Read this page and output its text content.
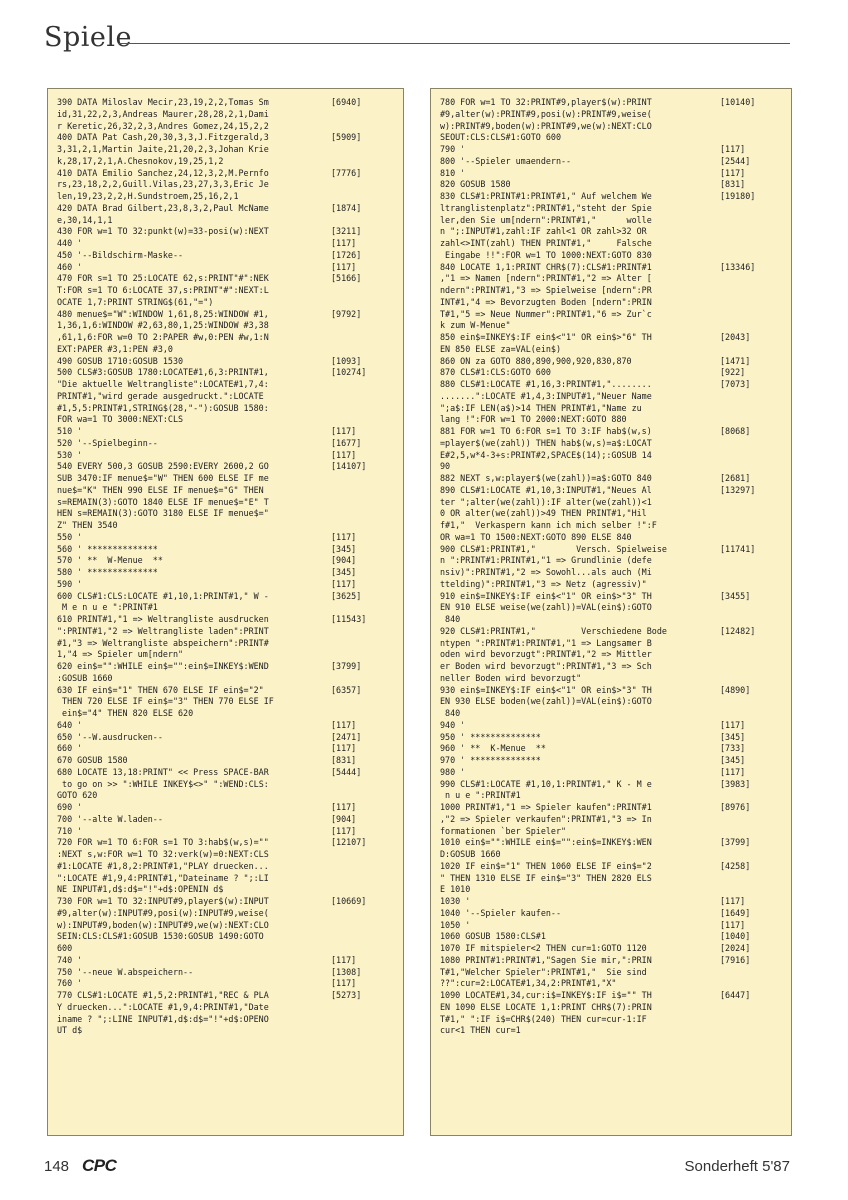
Spiele
390 DATA Miloslav Mecir,23,19,2,2,Tomas Sm
id,31,22,2,3,Andreas Maurer,28,28,2,1,Dami
r Keretic,26,32,2,3,Andres Gomez,24,15,2,2
[6940]
400 DATA Pat Cash,20,30,3,3,J.Fitzgerald,3
3,31,2,1,Martin Jaite,21,20,2,3,Johan Krie
k,28,17,2,1,A.Chesnokov,19,25,1,2
[5909]
410 DATA Emilio Sanchez,24,12,3,2,M.Pernfo
rs,23,18,2,2,Guill.Vilas,23,27,3,3,Eric Je
len,19,23,2,2,H.Sundstroem,25,16,2,1
[7776]
420 DATA Brad Gilbert,23,8,3,2,Paul McName
e,30,14,1,1
[1874]
430 FOR w=1 TO 32:punkt(w)=33-posi(w):NEXT	[3211]
440 '	[117]
450 '--Bildschirm-Maske--	[1726]
460 '	[117]
470 FOR s=1 TO 25:LOCATE 62,s:PRINT"#":NEK
T:FOR s=1 TO 6:LOCATE 37,s:PRINT"#":NEXT:L
OCATE 1,7:PRINT STRING$(61,"=")
[5166]
480 menue$="W":WINDOW 1,61,8,25:WINDOW #1,
1,36,1,6:WINDOW #2,63,80,1,25:WINDOW #3,38
,61,1,6:FOR w=0 TO 2:PAPER #w,0:PEN #w,1:N
EXT:PAPER #3,1:PEN #3,0
[9792]
490 GOSUB 1710:GOSUB 1530	[1093]
500 CLS#3:GOSUB 1780:LOCATE#1,6,3:PRINT#1,
"Die aktuelle Weltrangliste":LOCATE#1,7,4:
PRINT#1,"wird gerade ausgedruckt.":LOCATE
#1,5,5:PRINT#1,STRING$(28,"-"):GOSUB 1580:
FOR wa=1 TO 3000:NEXT:CLS
[10274]
510 '	[117]
520 '--Spielbeginn--	[1677]
530 '	[117]
540 EVERY 500,3 GOSUB 2590:EVERY 2600,2 GO
SUB 3470:IF menue$="W" THEN 600 ELSE IF me
nue$="K" THEN 990 ELSE IF menue$="G" THEN
s=REMAIN(3):GOTO 1840 ELSE IF menue$="E" T
HEN s=REMAIN(3):GOTO 3180 ELSE IF menue$="
Z" THEN 3540
[14107]
550 '	[117]
560 ' **************	[345]
570 ' **  W-Menue  **	[904]
580 ' **************	[345]
590 '	[117]
600 CLS#1:CLS:LOCATE #1,10,1:PRINT#1," W -
M e n u e ":PRINT#1
[3625]
610 PRINT#1,"1 => Weltrangliste ausdrucken
":PRINT#1,"2 => Weltrangliste laden":PRINT
#1,"3 => Weltrangliste abspeichern":PRINT#
1,"4 => Spieler um[ndern"
[11543]
620 ein$="":WHILE ein$="":ein$=INKEY$:WEND
:GOSUB 1660
[3799]
630 IF ein$="1" THEN 670 ELSE IF ein$="2"
THEN 720 ELSE IF ein$="3" THEN 770 ELSE IF
ein$="4" THEN 820 ELSE 620
[6357]
640 '	[117]
650 '--W.ausdrucken--	[2471]
660 '	[117]
670 GOSUB 1580	[831]
680 LOCATE 13,18:PRINT" << Press SPACE-BAR
to go on >> ":WHILE INKEY$<>" ":WEND:CLS:
GOTO 620
[5444]
690 '	[117]
700 '--alte W.laden--	[904]
710 '	[117]
720 FOR w=1 TO 6:FOR s=1 TO 3:hab$(w,s)=""
:NEXT s,w:FOR w=1 TO 32:verk(w)=0:NEXT:CLS
#1:LOCATE #1,8,2:PRINT#1,"PLAY druecken...
":LOCATE #1,9,4:PRINT#1,"Dateiname ? ";:LI
NE INPUT#1,d$:d$="!"+d$:OPENIN d$
[12107]
730 FOR w=1 TO 32:INPUT#9,player$(w):INPUT
#9,alter(w):INPUT#9,posi(w):INPUT#9,weise(
w):INPUT#9,boden(w):INPUT#9,we(w):NEXT:CLO
SEIN:CLS:CLS#1:GOSUB 1530:GOSUB 1490:GOTO
600
[10669]
740 '	[117]
750 '--neue W.abspeichern--	[1308]
760 '	[117]
770 CLS#1:LOCATE #1,5,2:PRINT#1,"REC & PLA
Y druecken...":LOCATE #1,9,4:PRINT#1,"Date
iname ? ";:LINE INPUT#1,d$:d$="!"+d$:OPENO
UT d$
[5273]
780 FOR w=1 TO 32:PRINT#9,player$(w):PRINT
#9,alter(w):PRINT#9,posi(w):PRINT#9,weise(
w):PRINT#9,boden(w):PRINT#9,we(w):NEXT:CLO
SEOUT:CLS:CLS#1:GOTO 600
[10140]
790 '	[117]
800 '--Spieler umaendern--	[2544]
810 '	[117]
820 GOSUB 1580	[831]
830 CLS#1:PRINT#1:PRINT#1," Auf welchem We
ltranglistenplatz":PRINT#1,"steht der Spie
ler,den Sie um[ndern":PRINT#1,"      wolle
n ";:INPUT#1,zahl:IF zahl<1 OR zahl>32 OR
zahl<>INT(zahl) THEN PRINT#1,"     Falsche
Eingabe !!":FOR w=1 TO 1000:NEXT:GOTO 830
[19180]
840 LOCATE 1,1:PRINT CHR$(7):CLS#1:PRINT#1
,"1 => Namen [ndern":PRINT#1,"2 => Alter [
ndern":PRINT#1,"3 => Spielweise [ndern":PR
INT#1,"4 => Bevorzugten Boden [ndern":PRIN
T#1,"5 => Neue Nummer":PRINT#1,"6 => Zur`c
k zum W-Menue"
[13346]
850 ein$=INKEY$:IF ein$<"1" OR ein$>"6" TH
EN 850 ELSE za=VAL(ein$)
[2043]
860 ON za GOTO 880,890,900,920,830,870	[1471]
870 CLS#1:CLS:GOTO 600	[922]
880 CLS#1:LOCATE #1,16,3:PRINT#1,"........
.......":LOCATE #1,4,3:INPUT#1,"Neuer Name
";a$:IF LEN(a$)>14 THEN PRINT#1,"Name zu
lang !":FOR w=1 TO 2000:NEXT:GOTO 880
[7073]
881 FOR w=1 TO 6:FOR s=1 TO 3:IF hab$(w,s)
=player$(we(zahl)) THEN hab$(w,s)=a$:LOCAT
E#2,5,w*4-3+s:PRINT#2,SPACE$(14);:GOSUB 14
90
[8068]
882 NEXT s,w:player$(we(zahl))=a$:GOTO 840	[2681]
890 CLS#1:LOCATE #1,10,3:INPUT#1,"Neues Al
ter ";alter(we(zahl)):IF alter(we(zahl))<1
0 OR alter(we(zahl))>49 THEN PRINT#1,"Hil
f#1,"  Verkaspern kann ich mich selber !":F
OR wa=1 TO 1500:NEXT:GOTO 890 ELSE 840
[13297]
900 CLS#1:PRINT#1,"        Versch. Spielweise
n ":PRINT#1:PRINT#1,"1 => Grundlinie (defe
nsiv)":PRINT#1,"2 => Sowohl...als auch (Mi
ttelding)":PRINT#1,"3 => Netz (agressiv)"
[11741]
910 ein$=INKEY$:IF ein$<"1" OR ein$>"3" TH
EN 910 ELSE weise(we(zahl))=VAL(ein$):GOTO
840
[3455]
920 CLS#1:PRINT#1,"         Verschiedene Bode
ntypen ":PRINT#1:PRINT#1,"1 => Langsamer B
oden wird bevorzugt":PRINT#1,"2 => Mittler
er Boden wird bevorzugt":PRINT#1,"3 => Sch
neller Boden wird bevorzugt"
[12482]
930 ein$=INKEY$:IF ein$<"1" OR ein$>"3" TH
EN 930 ELSE boden(we(zahl))=VAL(ein$):GOTO
840
[4890]
940 '	[117]
950 ' **************	[345]
960 ' **  K-Menue  **	[733]
970 ' **************	[345]
980 '	[117]
990 CLS#1:LOCATE #1,10,1:PRINT#1," K - M e
n u e ":PRINT#1
[3983]
1000 PRINT#1,"1 => Spieler kaufen":PRINT#1
,"2 => Spieler verkaufen":PRINT#1,"3 => In
formationen `ber Spieler"
[8976]
1010 ein$="":WHILE ein$="":ein$=INKEY$:WEN
D:GOSUB 1660
[3799]
1020 IF ein$="1" THEN 1060 ELSE IF ein$="2
" THEN 1310 ELSE IF ein$="3" THEN 2820 ELS
E 1010
[4258]
1030 '	[117]
1040 '--Spieler kaufen--	[1649]
1050 '	[117]
1060 GOSUB 1580:CLS#1	[1040]
1070 IF mitspieler<2 THEN cur=1:GOTO 1120	[2024]
1080 PRINT#1:PRINT#1,"Sagen Sie mir,":PRIN
T#1,"Welcher Spieler":PRINT#1,"  Sie sind
??":cur=2:LOCATE#1,34,2:PRINT#1,"X"
[7916]
1090 LOCATE#1,34,cur:i$=INKEY$:IF i$="" TH
EN 1090 ELSE LOCATE 1,1:PRINT CHR$(7):PRIN
T#1," ":IF i$=CHR$(240) THEN cur=cur-1:IF
cur<1 THEN cur=1
[6447]
148 CPC	Sonderheft 5'87
